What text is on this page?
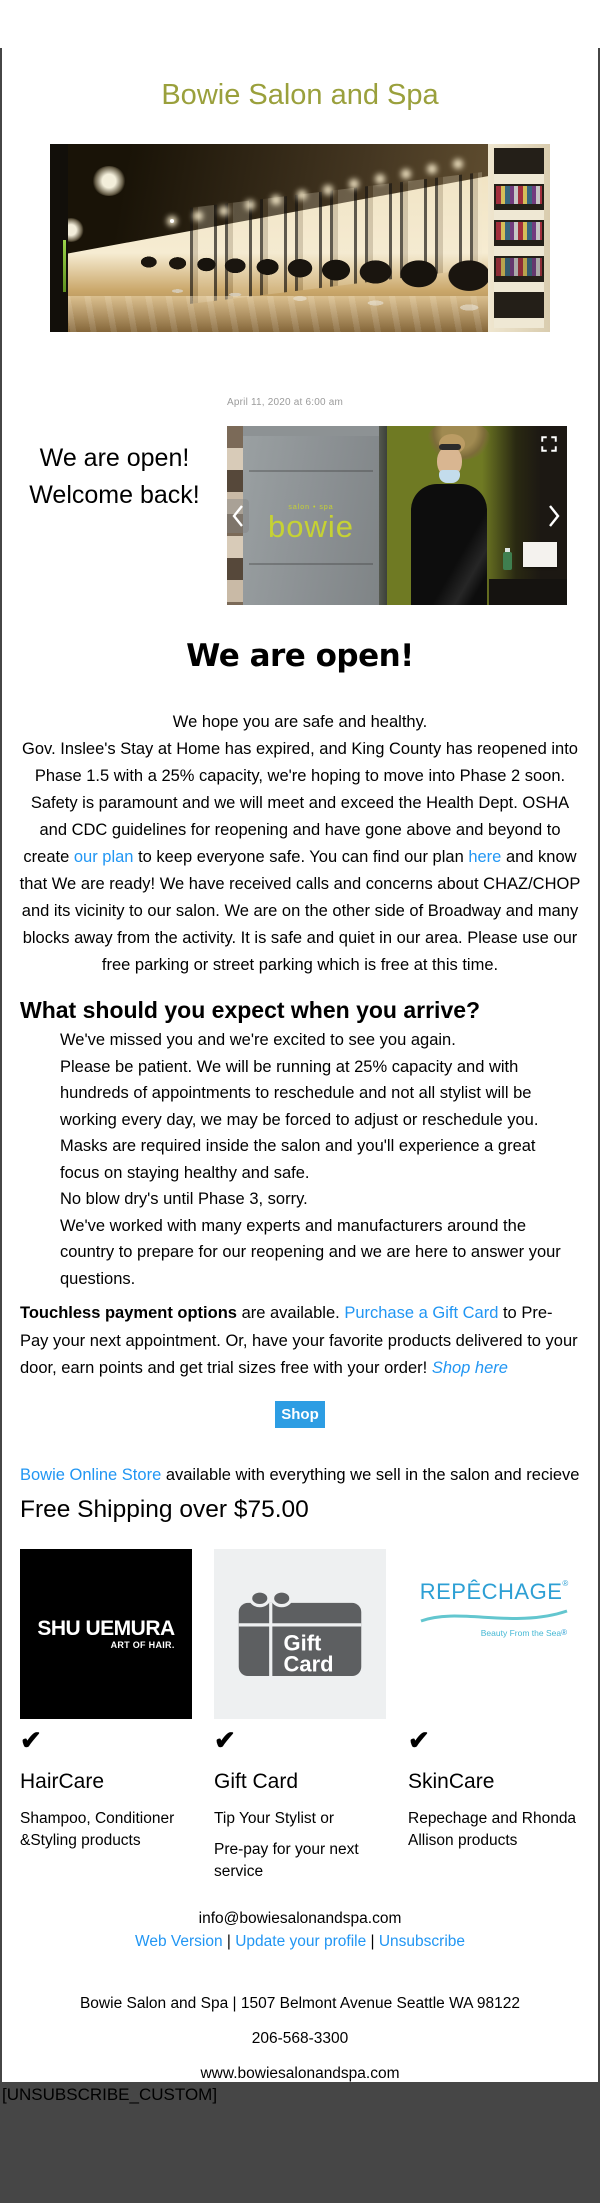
Bowie Salon and Spa
We are open!
Welcome back!
April 11, 2020 at 6:00 am
salon • spa
bowie
We are open!
We hope you are safe and healthy.
Gov. Inslee's Stay at Home has expired, and King County has reopened into Phase 1.5 with a 25% capacity, we're hoping to move into Phase 2 soon. Safety is paramount and we will meet and exceed the Health Dept. OSHA and CDC guidelines for reopening and have gone above and beyond to create our plan to keep everyone safe. You can find our plan here and know that We are ready! We have received calls and concerns about CHAZ/CHOP and its vicinity to our salon. We are on the other side of Broadway and many blocks away from the activity. It is safe and quiet in our area. Please use our free parking or street parking which is free at this time.
What should you expect when you arrive?
We've missed you and we're excited to see you again.
Please be patient. We will be running at 25% capacity and with hundreds of appointments to reschedule and not all stylist will be working every day, we may be forced to adjust or reschedule you.
Masks are required inside the salon and you'll experience a great focus on staying healthy and safe.
No blow dry's until Phase 3, sorry.
We've worked with many experts and manufacturers around the country to prepare for our reopening and we are here to answer your questions.
Touchless payment options are available. Purchase a Gift Card to Pre-Pay your next appointment. Or, have your favorite products delivered to your door, earn points and get trial sizes free with your order! Shop here
Shop
Bowie Online Store available with everything we sell in the salon and recieve
Free Shipping over $75.00
SHU UEMURA
ART OF HAIR.	Gift
Card
REPÊCHAGE®
Beauty From the Sea®
✔
HairCare
Shampoo, Conditioner &Styling products
✔
Gift Card
Tip Your Stylist or
Pre-pay for your next service
✔
SkinCare
Repechage and Rhonda Allison products
info@bowiesalonandspa.com
Web Version | Update your profile | Unsubscribe
Bowie Salon and Spa | 1507 Belmont Avenue Seattle WA 98122
206-568-3300
www.bowiesalonandspa.com
[UNSUBSCRIBE_CUSTOM]
